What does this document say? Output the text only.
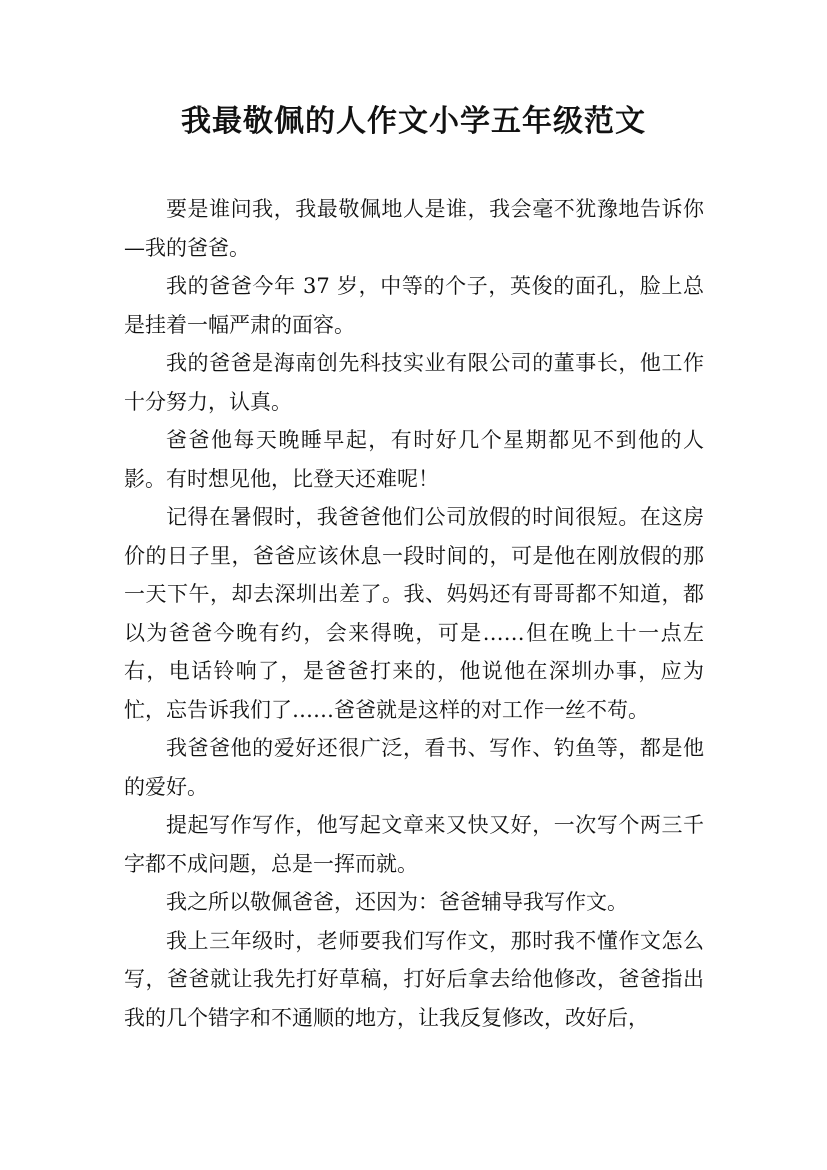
我最敬佩的人作文小学五年级范文

要是谁问我，我最敬佩地人是谁，我会毫不犹豫地告诉你—我的爸爸。

我的爸爸今年 37 岁，中等的个子，英俊的面孔，脸上总是挂着一幅严肃的面容。

我的爸爸是海南创先科技实业有限公司的董事长，他工作十分努力，认真。

爸爸他每天晚睡早起，有时好几个星期都见不到他的人影。有时想见他，比登天还难呢！

记得在暑假时，我爸爸他们公司放假的时间很短。在这房价的日子里，爸爸应该休息一段时间的，可是他在刚放假的那一天下午，却去深圳出差了。我、妈妈还有哥哥都不知道，都以为爸爸今晚有约，会来得晚，可是……但在晚上十一点左右，电话铃响了，是爸爸打来的，他说他在深圳办事，应为忙，忘告诉我们了……爸爸就是这样的对工作一丝不苟。

我爸爸他的爱好还很广泛，看书、写作、钓鱼等，都是他的爱好。

提起写作写作，他写起文章来又快又好，一次写个两三千字都不成问题，总是一挥而就。

我之所以敬佩爸爸，还因为：爸爸辅导我写作文。

我上三年级时，老师要我们写作文，那时我不懂作文怎么写，爸爸就让我先打好草稿，打好后拿去给他修改，爸爸指出我的几个错字和不通顺的地方，让我反复修改，改好后，
